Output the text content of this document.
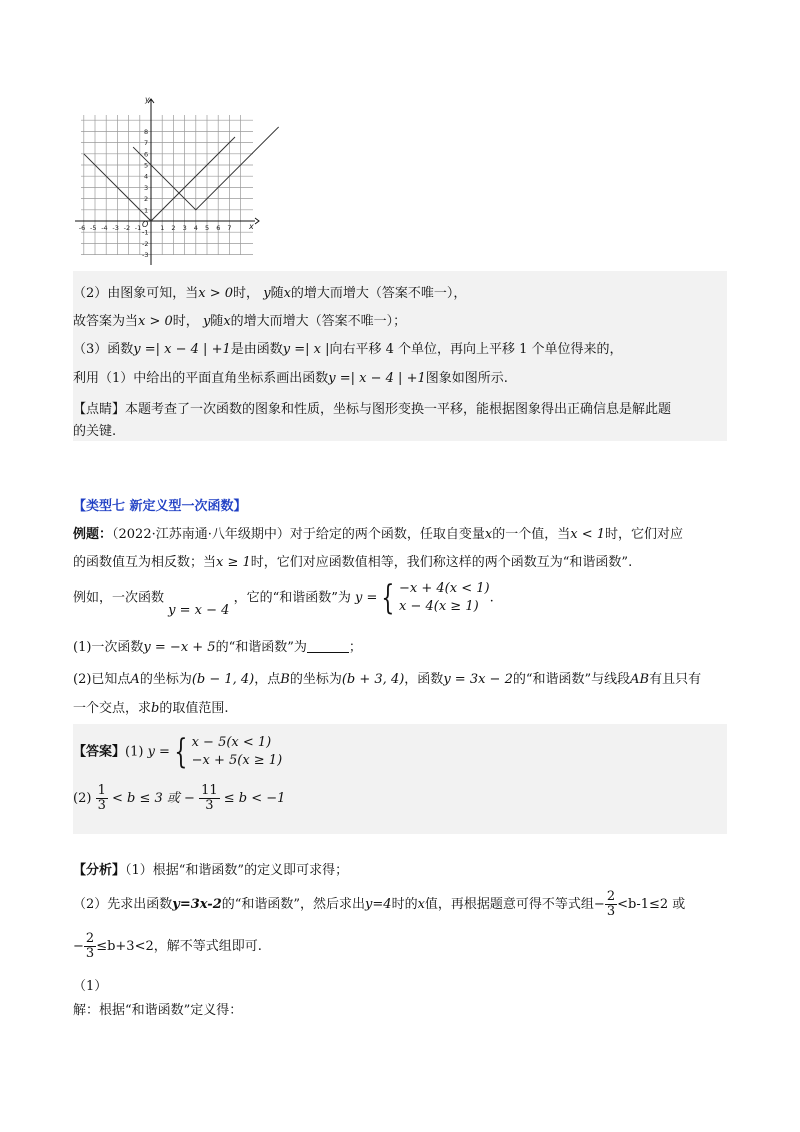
-6 -5 -4 -3 -2 -1	1 2 3 4 5 6 7
8
7
6
5
4
3
2
1
-1
-2
-3
x
y
O
（2）由图象可知，当x > 0时， y随x的增大而增大（答案不唯一），
故答案为当x > 0时， y随x的增大而增大（答案不唯一）；
（3）函数y =| x − 4 | +1是由函数y =| x |向右平移 4 个单位，再向上平移 1 个单位得来的，
利用（1）中给出的平面直角坐标系画出函数y =| x − 4 | +1图象如图所示.
【点睛】本题考查了一次函数的图象和性质，坐标与图形变换一平移，能根据图象得出正确信息是解此题
的关键.
【类型七 新定义型一次函数】
例题：（2022·江苏南通·八年级期中）对于给定的两个函数，任取自变量x的一个值，当x < 1时，它们对应
的函数值互为相反数；当x ≥ 1时，它们对应函数值相等，我们称这样的两个函数互为“和谐函数”.
例如，一次函数 y = x − 4 ，它的“和谐函数”为 y = { −x + 4(x < 1)
x − 4(x ≥ 1).
(1)一次函数y = −x + 5的“和谐函数”为	；
(2)已知点A的坐标为(b − 1, 4)，点B的坐标为(b + 3, 4)，函数y = 3x − 2的“和谐函数”与线段AB有且只有
一个交点，求b的取值范围.
【答案】(1) y = { x − 5(x < 1)
−x + 5(x ≥ 1)
$(2) \frac{1}{3} < b \le 3$ 或 − $\frac{11}{3} \le b < -1$
【分析】（1）根据“和谐函数”的定义即可求得；
（2）先求出函数y=3x-2的“和谐函数”，然后求出y=4时的x值，再根据题意可得不等式组− $\frac{2}{3} <b-1\le 2$ 或
− $\frac{2}{3} \le b+3<2$，解不等式组即可.
（1）
解：根据“和谐函数”定义得：
